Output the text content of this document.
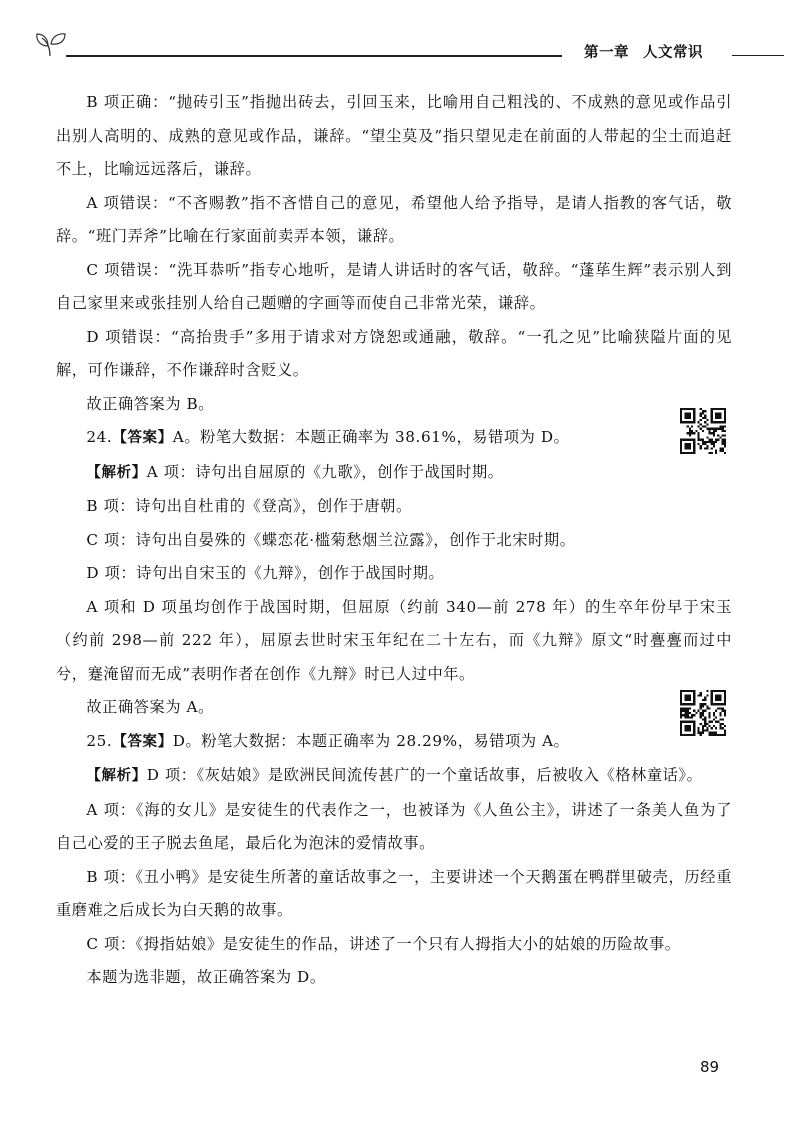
第一章 人文常识

B 项正确：“抛砖引玉”指抛出砖去，引回玉来，比喻用自己粗浅的、不成熟的意见或作品引出别人高明的、成熟的意见或作品，谦辞。“望尘莫及”指只望见走在前面的人带起的尘土而追赶不上，比喻远远落后，谦辞。

A 项错误：“不吝赐教”指不吝惜自己的意见，希望他人给予指导，是请人指教的客气话，敬辞。“班门弄斧”比喻在行家面前卖弄本领，谦辞。

C 项错误：“洗耳恭听”指专心地听，是请人讲话时的客气话，敬辞。“蓬荜生辉”表示别人到自己家里来或张挂别人给自己题赠的字画等而使自己非常光荣，谦辞。

D 项错误：“高抬贵手”多用于请求对方饶恕或通融，敬辞。“一孔之见”比喻狭隘片面的见解，可作谦辞，不作谦辞时含贬义。

故正确答案为 B。

24.【答案】A。粉笔大数据：本题正确率为 38.61%，易错项为 D。

【解析】A 项：诗句出自屈原的《九歌》，创作于战国时期。

B 项：诗句出自杜甫的《登高》，创作于唐朝。

C 项：诗句出自晏殊的《蝶恋花·槛菊愁烟兰泣露》，创作于北宋时期。

D 项：诗句出自宋玉的《九辩》，创作于战国时期。

A 项和 D 项虽均创作于战国时期，但屈原（约前 340—前 278 年）的生卒年份早于宋玉（约前 298—前 222 年），屈原去世时宋玉年纪在二十左右，而《九辩》原文“时亹亹而过中兮，蹇淹留而无成”表明作者在创作《九辩》时已人过中年。

故正确答案为 A。

25.【答案】D。粉笔大数据：本题正确率为 28.29%，易错项为 A。

【解析】D 项：《灰姑娘》是欧洲民间流传甚广的一个童话故事，后被收入《格林童话》。

A 项：《海的女儿》是安徒生的代表作之一，也被译为《人鱼公主》，讲述了一条美人鱼为了自己心爱的王子脱去鱼尾，最后化为泡沫的爱情故事。

B 项：《丑小鸭》是安徒生所著的童话故事之一，主要讲述一个天鹅蛋在鸭群里破壳，历经重重磨难之后成长为白天鹅的故事。

C 项：《拇指姑娘》是安徒生的作品，讲述了一个只有人拇指大小的姑娘的历险故事。

本题为选非题，故正确答案为 D。

89
